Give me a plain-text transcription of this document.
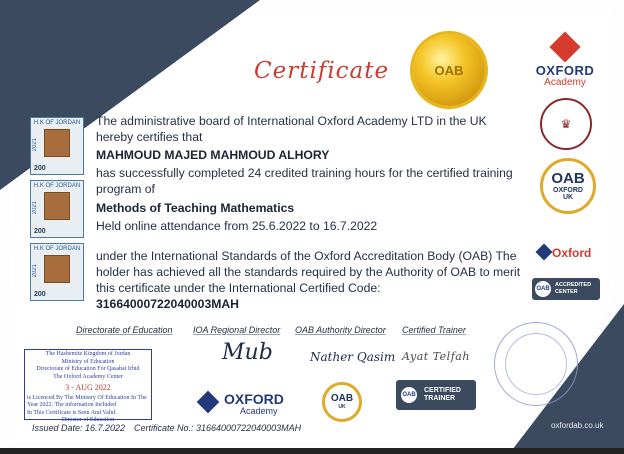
Certificate	OAB	OXFORD
Academy
♛
OAB
OXFORD
UK
Oxford
OAB
ACCREDITED
CENTER
H.K OF JORDAN
2021
200
H.K OF JORDAN
2021
200
H.K OF JORDAN
2021
200

The administrative board of International Oxford Academy LTD in the UK hereby certifies that

MAHMOUD MAJED MAHMOUD ALHORY

has successfully completed 24 credited training hours for the certified training program of

Methods of Teaching Mathematics

Held online attendance from 25.6.2022 to 16.7.2022

under the International Standards of the Oxford Accreditation Body (OAB) The holder has achieved all the standards required by the Authority of OAB to merit this certificate under the International Certified Code:

31664000722040003MAH

Directorate of Education IOA Regional Director OAB Authority Director Certified Trainer
The Hashemite Kingdom of Jordan
Ministry of Education
Directorate of Education For Qasabat Irbid
The Oxford Academy Center
3 - AUG 2022
is Licenced By The Ministry Of Education In The
Year 2022. The information Included
In This Certificate is Seen And Valid.
Director of Education
Mub	Nather Qasim Ayat Telfah
OXFORD
Academy
OAB
UK
OAB
CERTIFIED
TRAINER
Issued Date: 16.7.2022 Certificate No.: 31664000722040003MAH	oxfordab.co.uk
